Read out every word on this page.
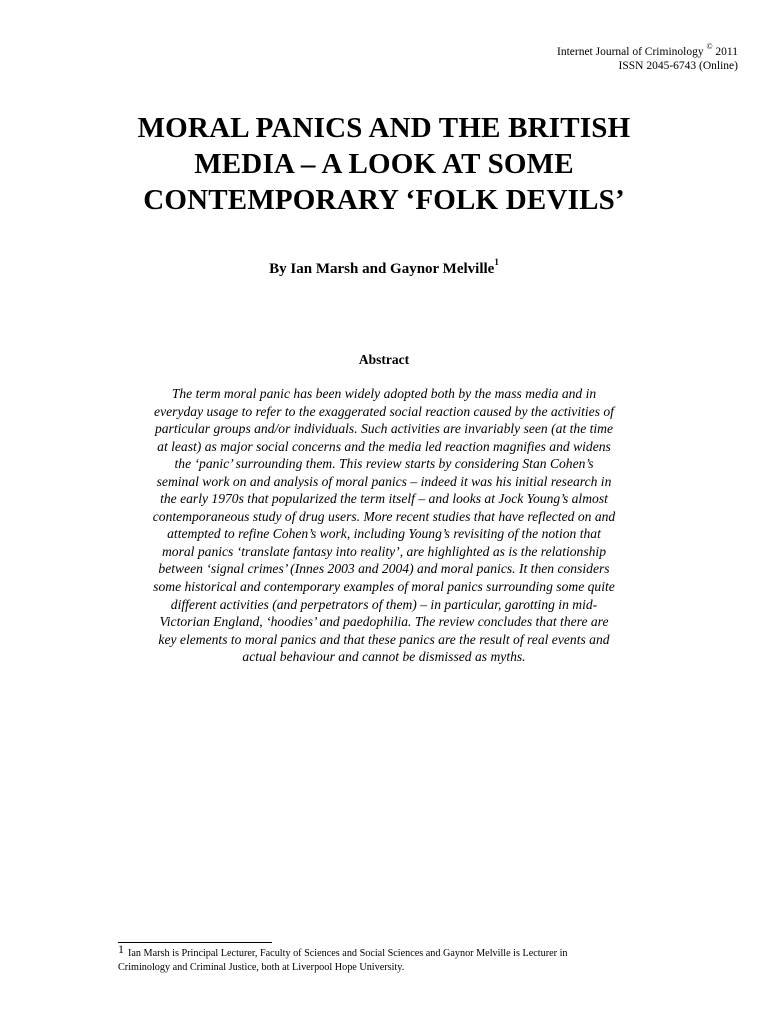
Internet Journal of Criminology © 2011
ISSN 2045-6743 (Online)
MORAL PANICS AND THE BRITISH
MEDIA – A LOOK AT SOME
CONTEMPORARY ‘FOLK DEVILS’
By Ian Marsh and Gaynor Melville$^1$
Abstract
The term moral panic has been widely adopted both by the mass media and in
everyday usage to refer to the exaggerated social reaction caused by the activities of
particular groups and/or individuals. Such activities are invariably seen (at the time
at least) as major social concerns and the media led reaction magnifies and widens
the ‘panic’ surrounding them. This review starts by considering Stan Cohen’s
seminal work on and analysis of moral panics – indeed it was his initial research in
the early 1970s that popularized the term itself – and looks at Jock Young’s almost
contemporaneous study of drug users. More recent studies that have reflected on and
attempted to refine Cohen’s work, including Young’s revisiting of the notion that
moral panics ‘translate fantasy into reality’, are highlighted as is the relationship
between ‘signal crimes’ (Innes 2003 and 2004) and moral panics. It then considers
some historical and contemporary examples of moral panics surrounding some quite
different activities (and perpetrators of them) – in particular, garotting in mid-
Victorian England, ‘hoodies’ and paedophilia. The review concludes that there are
key elements to moral panics and that these panics are the result of real events and
actual behaviour and cannot be dismissed as myths.
1 Ian Marsh is Principal Lecturer, Faculty of Sciences and Social Sciences and Gaynor Melville is Lecturer in
Criminology and Criminal Justice, both at Liverpool Hope University.
